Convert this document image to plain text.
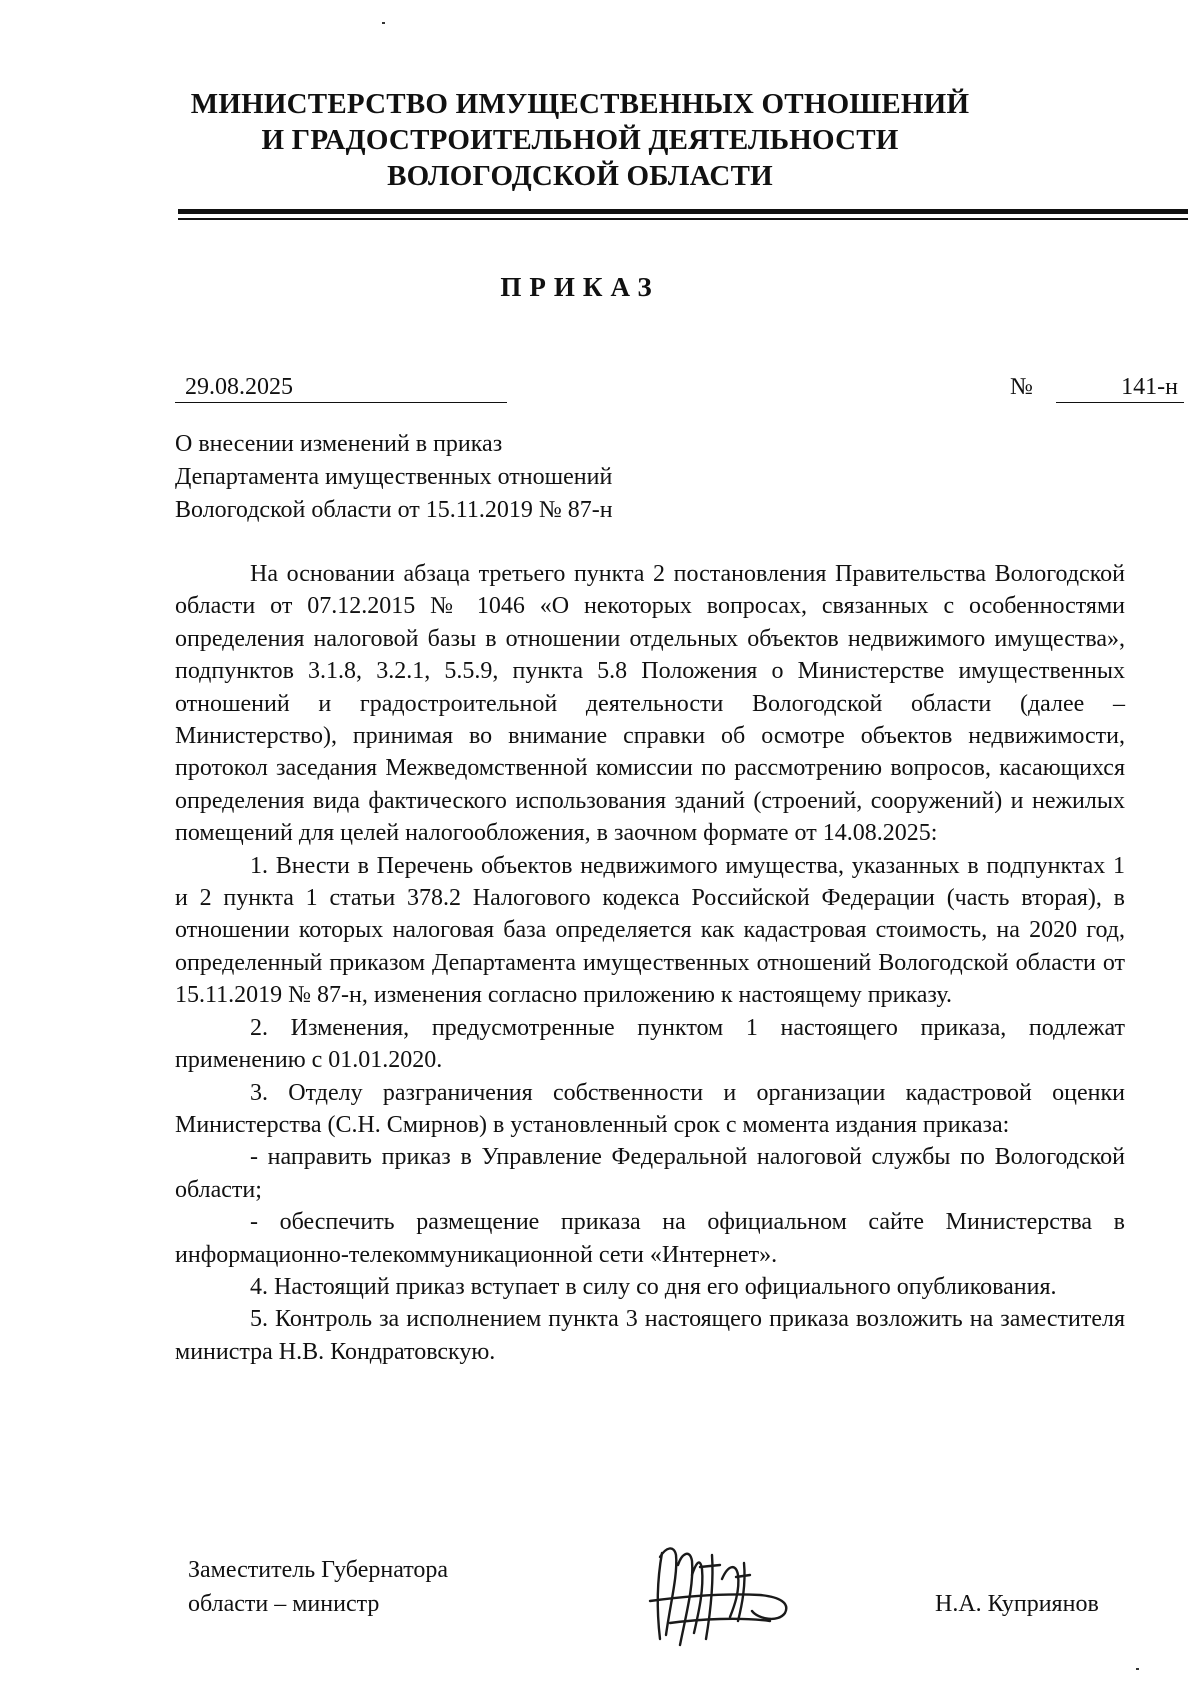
МИНИСТЕРСТВО ИМУЩЕСТВЕННЫХ ОТНОШЕНИЙ
И ГРАДОСТРОИТЕЛЬНОЙ ДЕЯТЕЛЬНОСТИ
ВОЛОГОДСКОЙ ОБЛАСТИ
ПРИКАЗ
29.08.2025	№	141-н
О внесении изменений в приказ
Департамента имущественных отношений
Вологодской области от 15.11.2019 № 87-н

На основании абзаца третьего пункта 2 постановления Правительства Вологодской области от 07.12.2015 № 1046 «О некоторых вопросах, связанных с особенностями определения налоговой базы в отношении отдельных объектов недвижимого имущества», подпунктов 3.1.8, 3.2.1, 5.5.9, пункта 5.8 Положения о Министерстве имущественных отношений и градостроительной деятельности Вологодской области (далее – Министерство), принимая во внимание справки об осмотре объектов недвижимости, протокол заседания Межведомственной комиссии по рассмотрению вопросов, касающихся определения вида фактического использования зданий (строений, сооружений) и нежилых помещений для целей налогообложения, в заочном формате от 14.08.2025:

1. Внести в Перечень объектов недвижимого имущества, указанных в подпунктах 1 и 2 пункта 1 статьи 378.2 Налогового кодекса Российской Федерации (часть вторая), в отношении которых налоговая база определяется как кадастровая стоимость, на 2020 год, определенный приказом Департамента имущественных отношений Вологодской области от 15.11.2019 № 87-н, изменения согласно приложению к настоящему приказу.

2. Изменения, предусмотренные пунктом 1 настоящего приказа, подлежат применению с 01.01.2020.

3. Отделу разграничения собственности и организации кадастровой оценки Министерства (С.Н. Смирнов) в установленный срок с момента издания приказа:

- направить приказ в Управление Федеральной налоговой службы по Вологодской области;

- обеспечить размещение приказа на официальном сайте Министерства в информационно-телекоммуникационной сети «Интернет».

4. Настоящий приказ вступает в силу со дня его официального опубликования.

5. Контроль за исполнением пункта 3 настоящего приказа возложить на заместителя министра Н.В. Кондратовскую.

Заместитель Губернатора
области – министр	Н.А. Куприянов
